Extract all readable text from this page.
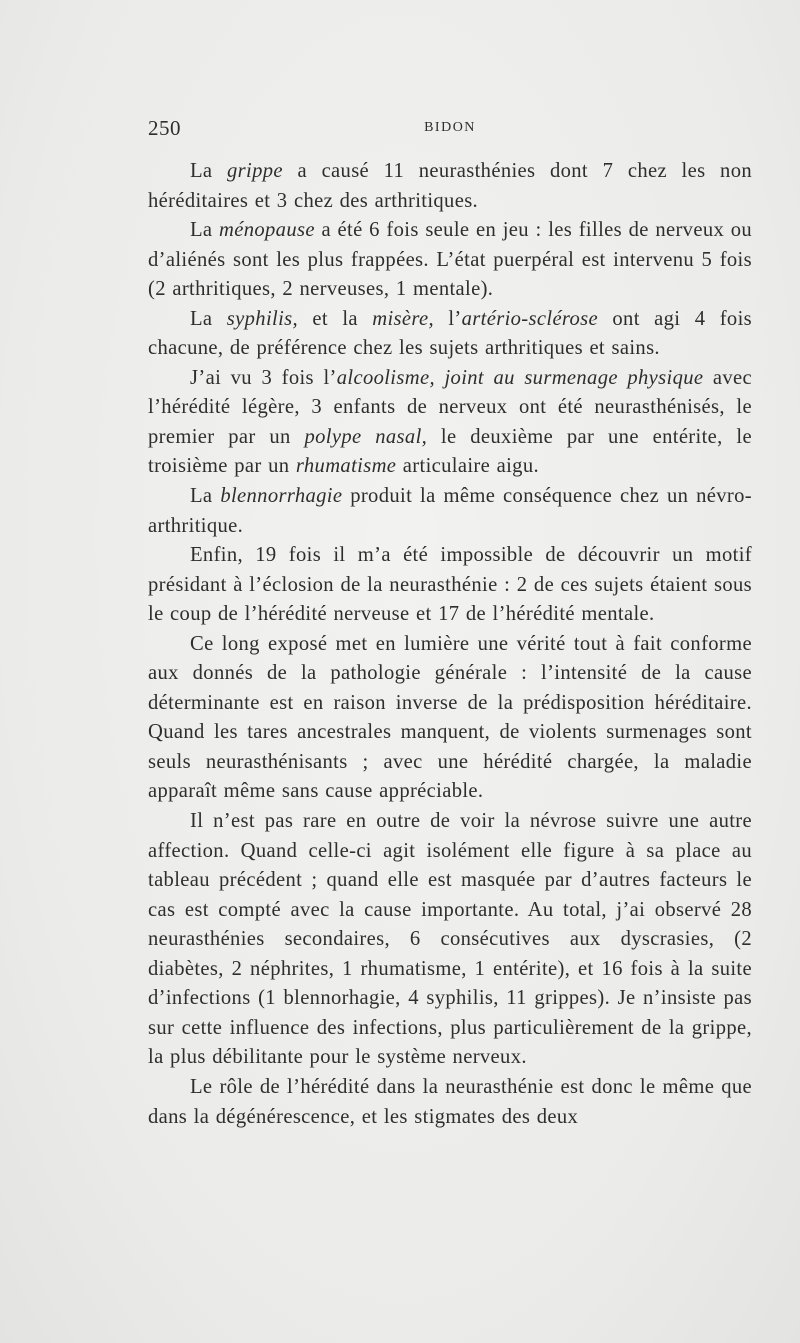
250	BIDON

La grippe a causé 11 neurasthénies dont 7 chez les non héréditaires et 3 chez des arthritiques.

La ménopause a été 6 fois seule en jeu : les filles de nerveux ou d’aliénés sont les plus frappées. L’état puerpéral est intervenu 5 fois (2 arthritiques, 2 nerveuses, 1 mentale).

La syphilis, et la misère, l’artério-sclérose ont agi 4 fois chacune, de préférence chez les sujets arthritiques et sains.

J’ai vu 3 fois l’alcoolisme, joint au surmenage physique avec l’hérédité légère, 3 enfants de nerveux ont été neurasthénisés, le premier par un polype nasal, le deuxième par une entérite, le troisième par un rhumatisme articulaire aigu.

La blennorrhagie produit la même conséquence chez un névro-arthritique.

Enfin, 19 fois il m’a été impossible de découvrir un motif présidant à l’éclosion de la neurasthénie : 2 de ces sujets étaient sous le coup de l’hérédité nerveuse et 17 de l’hérédité mentale.

Ce long exposé met en lumière une vérité tout à fait conforme aux donnés de la pathologie générale : l’intensité de la cause déterminante est en raison inverse de la prédisposition héréditaire. Quand les tares ancestrales manquent, de violents surmenages sont seuls neurasthénisants ; avec une hérédité chargée, la maladie apparaît même sans cause appréciable.

Il n’est pas rare en outre de voir la névrose suivre une autre affection. Quand celle-ci agit isolément elle figure à sa place au tableau précédent ; quand elle est masquée par d’autres facteurs le cas est compté avec la cause importante. Au total, j’ai observé 28 neurasthénies secondaires, 6 consécutives aux dyscrasies, (2 diabètes, 2 néphrites, 1 rhumatisme, 1 entérite), et 16 fois à la suite d’infections (1 blennorhagie, 4 syphilis, 11 grippes). Je n’insiste pas sur cette influence des infections, plus particulièrement de la grippe, la plus débilitante pour le système nerveux.

Le rôle de l’hérédité dans la neurasthénie est donc le même que dans la dégénérescence, et les stigmates des deux
